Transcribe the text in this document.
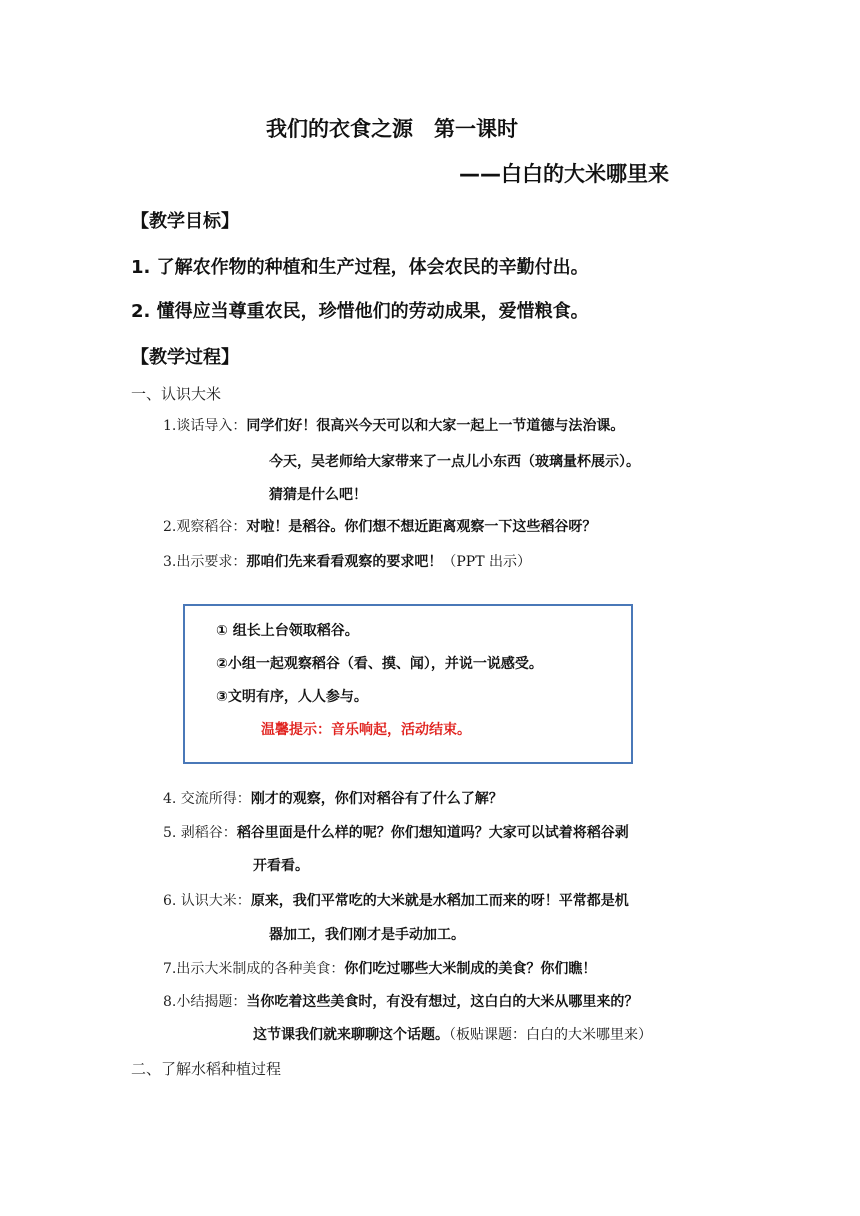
我们的衣食之源　第一课时
——白白的大米哪里来
【教学目标】
1. 了解农作物的种植和生产过程，体会农民的辛勤付出。
2. 懂得应当尊重农民，珍惜他们的劳动成果，爱惜粮食。
【教学过程】
一、认识大米
1.谈话导入：同学们好！很高兴今天可以和大家一起上一节道德与法治课。
今天，吴老师给大家带来了一点儿小东西（玻璃量杯展示）。
猜猜是什么吧！
2.观察稻谷：对啦！是稻谷。你们想不想近距离观察一下这些稻谷呀？
3.出示要求：那咱们先来看看观察的要求吧！（PPT 出示）
① 组长上台领取稻谷。
②小组一起观察稻谷（看、摸、闻），并说一说感受。
③文明有序，人人参与。
温馨提示：音乐响起，活动结束。
4. 交流所得：刚才的观察，你们对稻谷有了什么了解？
5. 剥稻谷：稻谷里面是什么样的呢？你们想知道吗？大家可以试着将稻谷剥
开看看。
6. 认识大米：原来，我们平常吃的大米就是水稻加工而来的呀！平常都是机
器加工，我们刚才是手动加工。
7.出示大米制成的各种美食：你们吃过哪些大米制成的美食？你们瞧！
8.小结揭题：当你吃着这些美食时，有没有想过，这白白的大米从哪里来的？
这节课我们就来聊聊这个话题。（板贴课题：白白的大米哪里来）
二、了解水稻种植过程
